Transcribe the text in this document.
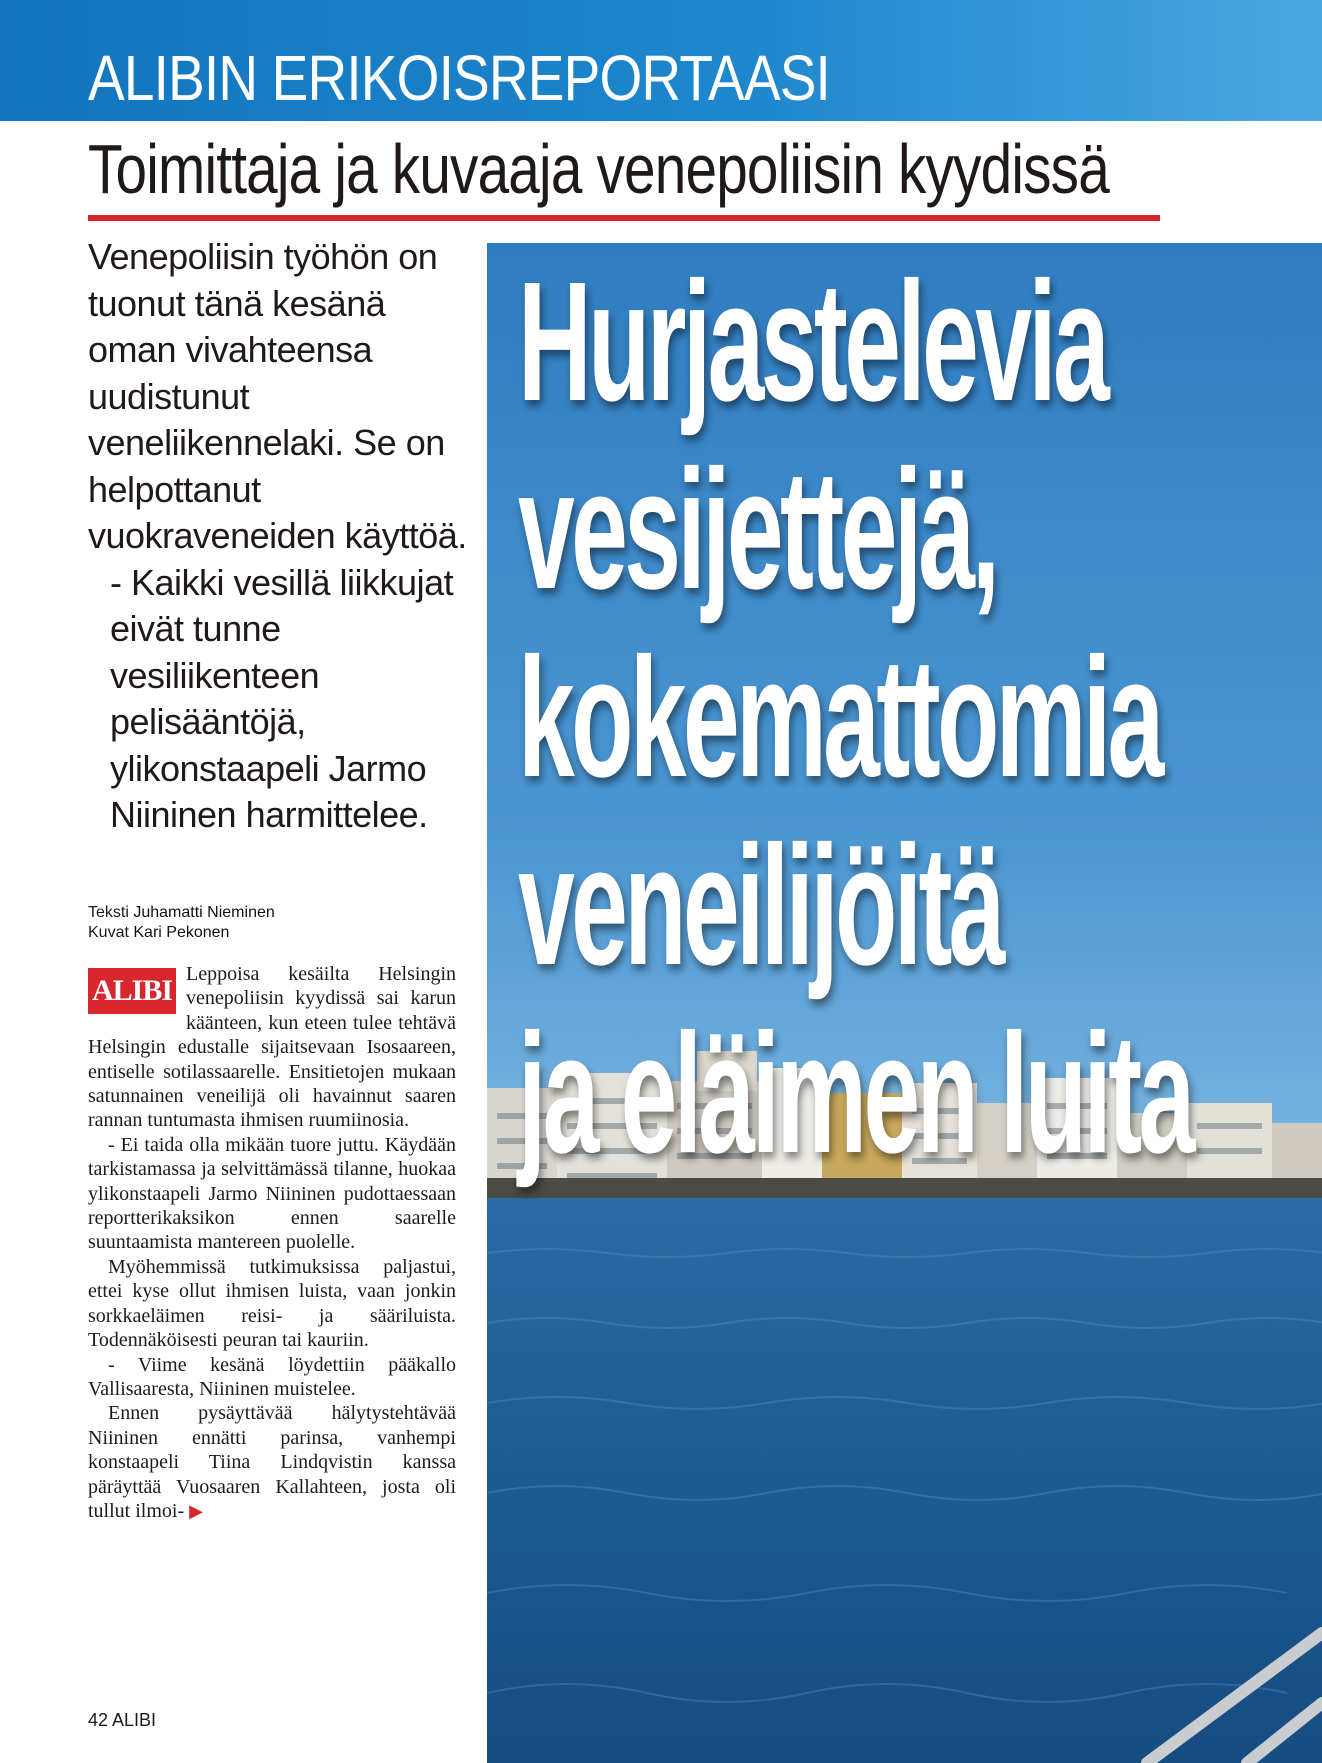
ALIBIN ERIKOISREPORTAASI
Toimittaja ja kuvaaja venepoliisin kyydissä

Venepoliisin työhön on tuonut tänä kesänä oman vivahteensa uudistunut veneliikennelaki. Se on helpottanut vuokraveneiden käyttöä.

- Kaikki vesillä liikkujat eivät tunne vesiliikenteen pelisääntöjä, ylikonstaapeli Jarmo Niininen harmittelee.

Teksti Juhamatti Nieminen
Kuvat Kari Pekonen

ALIBI Leppoisa kesäilta Helsingin venepoliisin kyydissä sai karun käänteen, kun eteen tulee tehtävä Helsingin edustalle sijaitsevaan Isosaareen, entiselle sotilassaarelle. Ensitietojen mukaan satunnainen veneilijä oli havainnut saaren rannan tuntumasta ihmisen ruumiinosia.

- Ei taida olla mikään tuore juttu. Käydään tarkistamassa ja selvittämässä tilanne, huokaa ylikonstaapeli Jarmo Niininen pudottaessaan reportterikaksikon ennen saarelle suuntaamista mantereen puolelle.

Myöhemmissä tutkimuksissa paljastui, ettei kyse ollut ihmisen luista, vaan jonkin sorkkaeläimen reisi- ja sääriluista. Todennäköisesti peuran tai kauriin.

- Viime kesänä löydettiin pääkallo Vallisaaresta, Niininen muistelee.

Ennen pysäyttävää hälytystehtävää Niininen ennätti parinsa, vanhempi konstaapeli Tiina Lindqvistin kanssa päräyttää Vuosaaren Kallahteen, josta oli tullut ilmoi- ▶

42 ALIBI
Hurjastelevia
vesijettejä,
kokemattomia
veneilijöitä
ja eläimen luita
